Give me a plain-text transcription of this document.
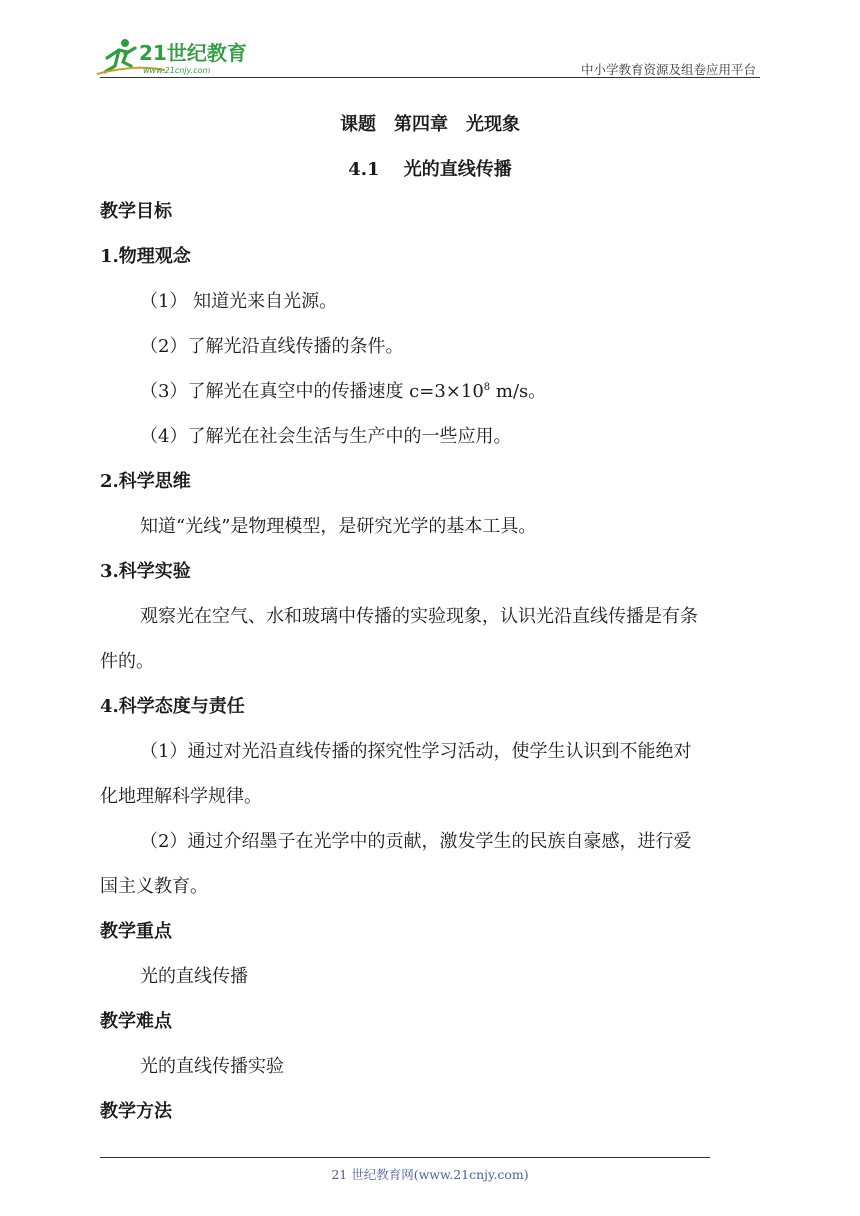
21世纪教育
www.21cnjy.com	中小学教育资源及组卷应用平台
课题　第四章　光现象
4.1　 光的直线传播
教学目标
1.物理观念
（1） 知道光来自光源。
（2）了解光沿直线传播的条件。
（3）了解光在真空中的传播速度 $c=3\times 10^8$ m/s。
（4）了解光在社会生活与生产中的一些应用。
2.科学思维
知道“光线”是物理模型，是研究光学的基本工具。
3.科学实验
观察光在空气、水和玻璃中传播的实验现象，认识光沿直线传播是有条
件的。
4.科学态度与责任
（1）通过对光沿直线传播的探究性学习活动，使学生认识到不能绝对
化地理解科学规律。
（2）通过介绍墨子在光学中的贡献，激发学生的民族自豪感，进行爱
国主义教育。
教学重点
光的直线传播
教学难点
光的直线传播实验
教学方法
21 世纪教育网(www.21cnjy.com)
